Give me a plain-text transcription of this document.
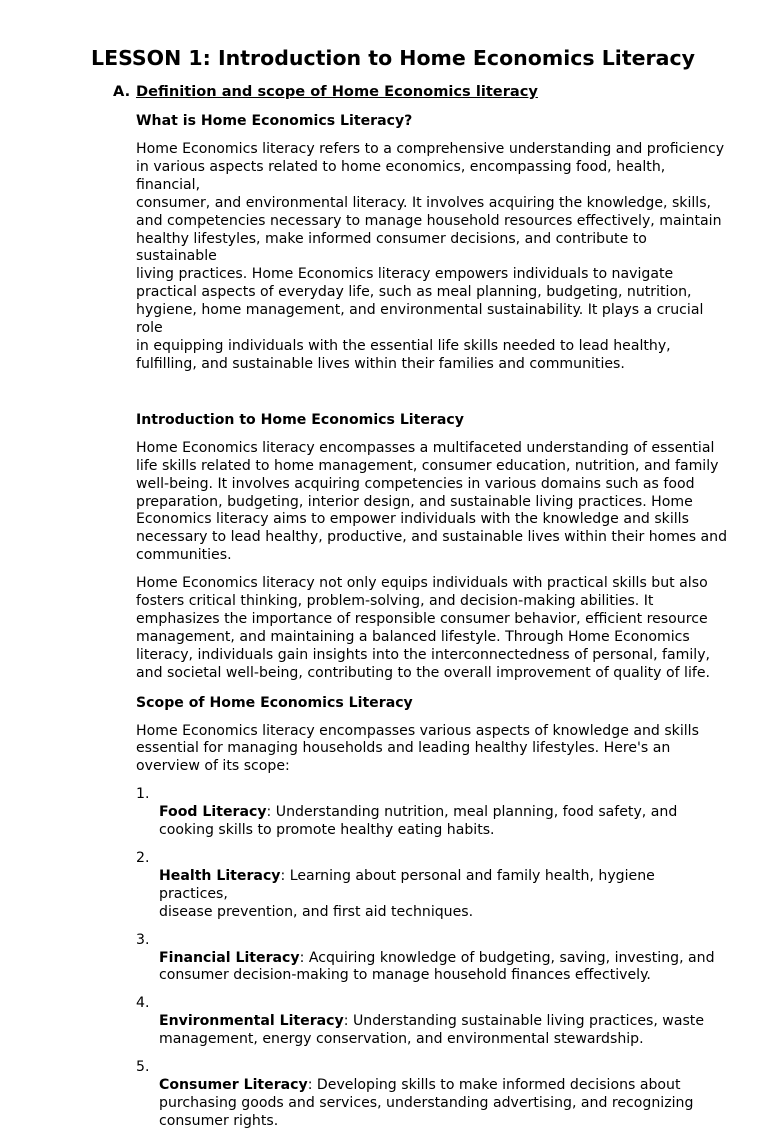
LESSON 1: Introduction to Home Economics Literacy
A. Definition and scope of Home Economics literacy
What is Home Economics Literacy?

Home Economics literacy refers to a comprehensive understanding and proficiency
in various aspects related to home economics, encompassing food, health, financial,
consumer, and environmental literacy. It involves acquiring the knowledge, skills,
and competencies necessary to manage household resources effectively, maintain
healthy lifestyles, make informed consumer decisions, and contribute to sustainable
living practices. Home Economics literacy empowers individuals to navigate
practical aspects of everyday life, such as meal planning, budgeting, nutrition,
hygiene, home management, and environmental sustainability. It plays a crucial role
in equipping individuals with the essential life skills needed to lead healthy,
fulfilling, and sustainable lives within their families and communities.

Introduction to Home Economics Literacy

Home Economics literacy encompasses a multifaceted understanding of essential
life skills related to home management, consumer education, nutrition, and family
well-being. It involves acquiring competencies in various domains such as food
preparation, budgeting, interior design, and sustainable living practices. Home
Economics literacy aims to empower individuals with the knowledge and skills
necessary to lead healthy, productive, and sustainable lives within their homes and
communities.

Home Economics literacy not only equips individuals with practical skills but also
fosters critical thinking, problem-solving, and decision-making abilities. It
emphasizes the importance of responsible consumer behavior, efficient resource
management, and maintaining a balanced lifestyle. Through Home Economics
literacy, individuals gain insights into the interconnectedness of personal, family,
and societal well-being, contributing to the overall improvement of quality of life.

Scope of Home Economics Literacy

Home Economics literacy encompasses various aspects of knowledge and skills
essential for managing households and leading healthy lifestyles. Here's an
overview of its scope:

1.
Food Literacy: Understanding nutrition, meal planning, food safety, and
cooking skills to promote healthy eating habits.

2.
Health Literacy: Learning about personal and family health, hygiene practices,
disease prevention, and first aid techniques.

3.
Financial Literacy: Acquiring knowledge of budgeting, saving, investing, and
consumer decision-making to manage household finances effectively.

4.
Environmental Literacy: Understanding sustainable living practices, waste
management, energy conservation, and environmental stewardship.

5.
Consumer Literacy: Developing skills to make informed decisions about
purchasing goods and services, understanding advertising, and recognizing
consumer rights.
